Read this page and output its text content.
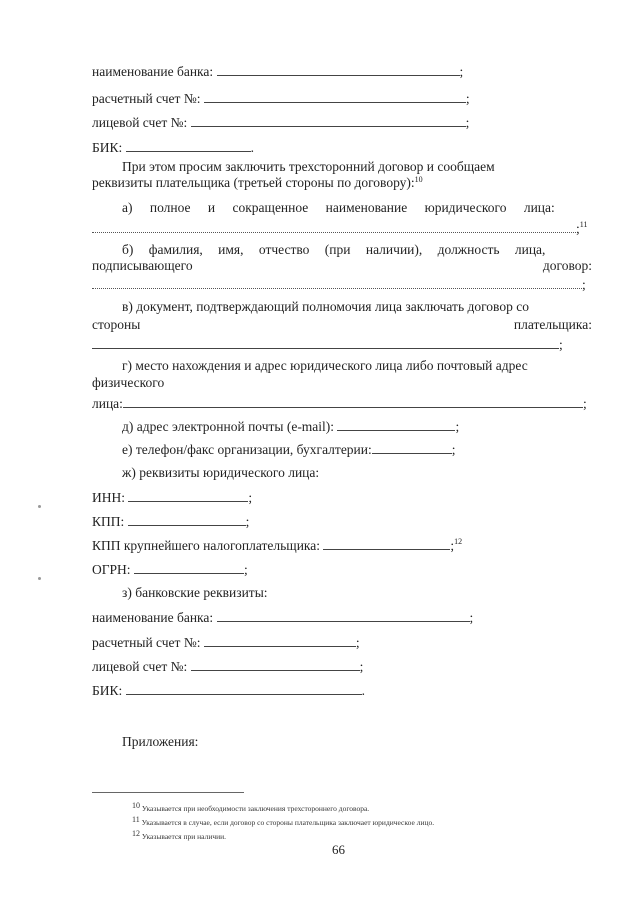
наименование банка:	;
расчетный счет №:	;
лицевой счет №:	;
БИК:	.
При этом просим заключить трехсторонний договор и сообщаем
реквизиты плательщика (третьей стороны по договору):$^{10}$
а) полное и сокращенное наименование юридического лица:
;$^{11}$
б) фамилия, имя, отчество (при наличии), должность лица,
подписывающего	договор:
;
в) документ, подтверждающий полномочия лица заключать договор со
стороны	плательщика:
;
г) место нахождения и адрес юридического лица либо почтовый адрес
физического
лица:	;
д) адрес электронной почты (e-mail):	;
е) телефон/факс организации, бухгалтерии:	;
ж) реквизиты юридического лица:
ИНН:	;
КПП:	;
КПП крупнейшего налогоплательщика:	;$^{12}$
ОГРН:	;
з) банковские реквизиты:
наименование банка:	;
расчетный счет №:	;
лицевой счет №:	;
БИК:	.
Приложения:
$^{10}$ Указывается при необходимости заключения трехстороннего договора.
$^{11}$ Указывается в случае, если договор со стороны плательщика заключает юридическое лицо.
$^{12}$ Указывается при наличии.
66
